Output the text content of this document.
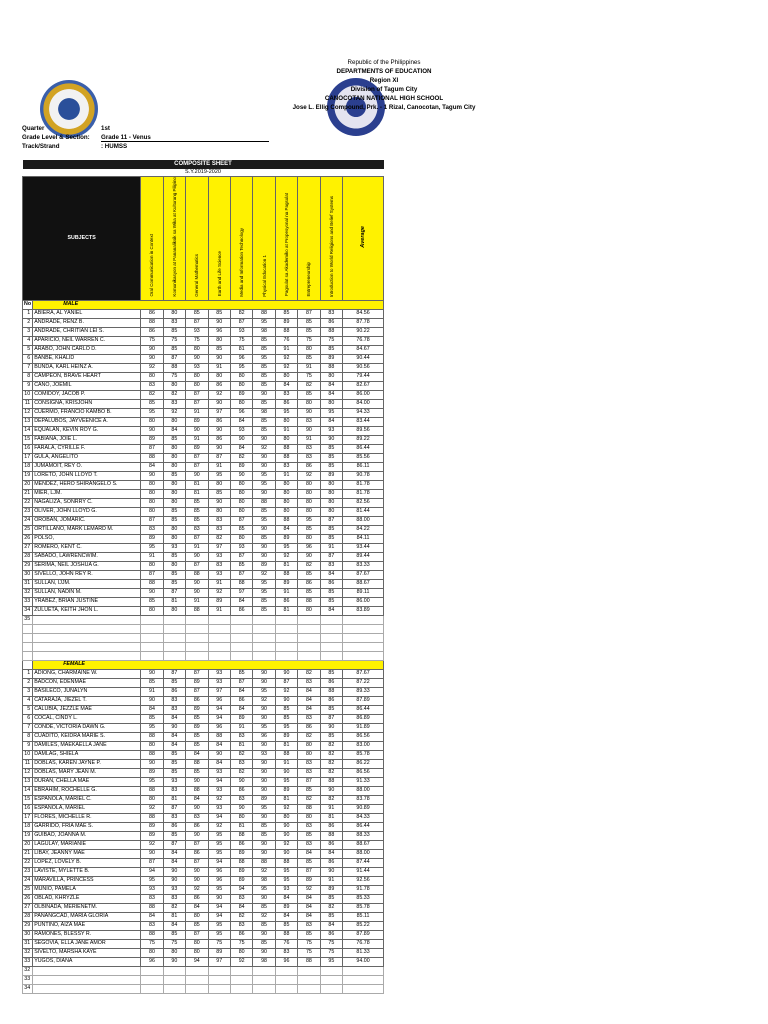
Republic of the Philippines
DEPARTMENTS OF EDUCATION
Region XI
Division of Tagum City
CANOCOTAN NATIONAL HIGH SCHOOL
Jose L. Ellig Compound, Prk. - 1 Rizal, Canocotan, Tagum City
Quarter	1st
Grade Level & Section: Grade 11 - Venus
Track/Strand	: HUMSS
COMPOSITE SHEET											
S.Y.2019-2020											
SUBJECTS		Oral Communication in Context	Komunikasyon at Pananaliksik sa Wika at Kulturang Pilipino	General Mathematics	Earth and Life Science	Media and Information Technology	Physical Education 1	Pagsulat sa Akademiko at Propesyonal na Pagsulat	Entrepreneurship	Introduction to World Religions and Belief Systems	Average
No	MALE										
1	ABIERA, AL YANIEL	86	80	85	85	82	88	85	87	83	84.56
2	ANDRADE, RENZ B.	88	83	87	90	87	95	89	85	86	87.78
3	ANDRADE, CHRITIAN LEI S.	86	85	93	96	93	98	88	85	88	90.22
4	APARICIO, NEIL WARREN C.	75	75	75	80	75	85	76	75	75	76.78
5	ARABO, JOHN CARLO D.	90	85	80	85	81	85	91	80	85	84.67
6	BANBE, KHALID	90	87	90	90	96	95	92	85	89	90.44
7	BUNDA, KARL HEINZ A.	92	88	93	91	95	85	92	91	88	90.56
8	CAMPEON, BRAVE HEART	80	75	80	80	80	85	80	75	80	79.44
9	CANO, JOEMIL	83	80	80	86	80	85	84	82	84	82.67
10	COMIDOY, JACOB P.	82	82	87	92	89	90	83	85	84	86.00
11	CONSIGNA, KRISJOHN	85	83	87	90	80	85	86	80	80	84.00
12	CUERMO, FRANCIO KAMBO B.	95	92	91	97	96	98	95	90	95	94.33
13	DEPALUBOS, JAYVEENICE A.	80	80	89	86	84	85	80	83	84	83.44
14	EQUALAN, KEVIN ROY G.	90	84	90	90	93	85	91	90	93	89.56
15	FABIANA, JOIE L.	89	85	91	86	90	90	80	91	90	89.22
16	FARALA, CYRILLE F.	87	80	89	90	84	92	88	83	85	86.44
17	GULA, ANGELITO	88	80	87	87	82	90	88	83	85	85.56
18	JUMAMOIT, REY O.	84	80	87	91	89	90	83	86	85	86.11
19	LORETO, JOHN LLOYD T.	90	85	90	95	90	95	91	92	89	90.78
20	MENDEZ, HERO SHIRANGELO S.	80	80	81	80	80	95	80	80	80	81.78
21	MIER, LJM.	80	80	81	85	80	90	80	80	80	81.78
22	NAGALIZA, SONRRY C.	80	80	85	90	80	88	80	80	80	82.56
23	OLIVER, JOHN LLOYD G.	80	85	85	80	80	85	80	80	80	81.44
24	OROBAN, JOMARIC.	87	85	85	83	87	95	88	95	87	88.00
25	ORTILLANO, MARK LEMARD M.	83	80	83	83	85	90	84	85	85	84.22
26	POLSO,	89	80	87	82	80	85	89	80	85	84.11
27	ROMERO, KENT C.	95	93	91	97	93	90	95	96	91	93.44
28	SABADO, LAWRENCWIM.	91	85	90	93	87	90	92	90	87	89.44
29	SERIMA, NEIL JOSHUA G.	80	80	87	83	85	89	81	82	83	83.33
30	SIVELLO, JOHN REY R.	87	85	88	93	87	92	88	85	84	87.67
31	SULLAN, IJJM.	88	85	90	91	88	95	89	86	86	88.67
32	SULLAN, NADIN M.	90	87	90	92	97	95	91	85	85	89.11
33	YRABEZ, BRIAN JUSTINE	85	81	91	89	84	85	86	88	85	86.00
34	ZULUETA, KEITH JHON L.	80	80	88	91	86	85	81	80	84	83.89
35											

	FEMALE										
1	ADIONG, CHARMAINE W.	90	87	87	93	85	90	90	82	85	87.67
2	BADCON, EDENMAE	85	85	89	93	87	90	87	83	86	87.22
3	BASILECO, JUNALYN	91	86	87	97	84	95	92	84	88	89.33
4	CATARAJA, JIEZEL T.	90	83	86	96	86	92	90	84	86	87.89
5	CALUBIA, JEZZLE MAE	84	83	89	94	84	90	85	84	85	86.44
6	COCAL, CINDY L.	85	84	85	94	89	90	85	83	87	86.89
7	CONDE, VICTORIA DAWN G.	95	90	89	96	91	95	95	86	90	91.89
8	CUADITO, KEIDRA MARIE S.	88	84	85	88	83	96	89	82	85	86.56
9	DAMILES, MAEKAELLA JANE	80	84	85	84	81	90	81	80	82	83.00
10	DAMLAG, SHIELA	88	85	84	90	82	93	88	80	82	85.78
11	DOBLAS, KAREN JAYNE P.	90	85	88	84	83	90	91	83	82	86.22
12	DOBLAS, MARY JEAN M.	89	85	85	93	82	90	90	83	82	86.56
13	DURAN, CHELLA MAE	95	93	90	94	90	90	95	87	88	91.33
14	EBRAHIM, ROCHELLE G.	88	83	88	93	86	90	89	85	90	88.00
15	ESPANOLA, MARIEL C.	80	81	84	92	83	89	81	82	82	83.78
16	ESPANOLA, MARIEL	92	87	90	93	90	95	92	88	91	90.89
17	FLORES, MICHELLE R.	88	83	83	94	80	90	80	80	81	84.33
18	GARRIDO, FRIA MAE S.	89	86	86	92	81	85	90	83	86	86.44
19	GUIBAO, JOANNA M.	89	85	90	95	88	85	90	85	88	88.33
20	LAGULAY, MARIANIE	92	87	87	95	86	90	92	83	86	88.67
21	LIBAY, JEANNY MAE	90	84	86	95	89	90	90	84	84	88.00
22	LOPEZ, LOVELY B.	87	84	87	94	88	88	88	85	86	87.44
23	LAVISTE, MYLETTE B.	94	90	90	96	89	92	95	87	90	91.44
24	MARAVILLA, PRINCESS	95	90	90	96	89	98	95	89	91	92.56
25	MUNIO, PAMELA	93	93	92	95	94	95	93	92	89	91.78
26	OBLAD, KHRYZLE	83	83	86	90	83	90	84	84	85	85.33
27	OLBINADA, MERIENETM.	88	82	84	94	84	85	89	84	82	85.78
28	PANANGCAD, MARIA GLORIA	84	81	80	94	82	92	84	84	85	85.11
29	PUNTINO, AIZA MAE	83	84	85	95	83	85	85	83	84	85.22
30	RAMONES, BLESSY R.	88	85	87	95	86	90	88	85	86	87.89
31	SEGOVIA, ELLA JANE AMOR	75	75	80	75	75	85	76	75	75	76.78
32	SIVELTO, MARSHA KAYE	80	80	80	89	80	90	83	75	75	81.33
33	YUGOS, DIANA	96	90	94	97	92	98	96	88	95	94.00
32											
33											
34											
